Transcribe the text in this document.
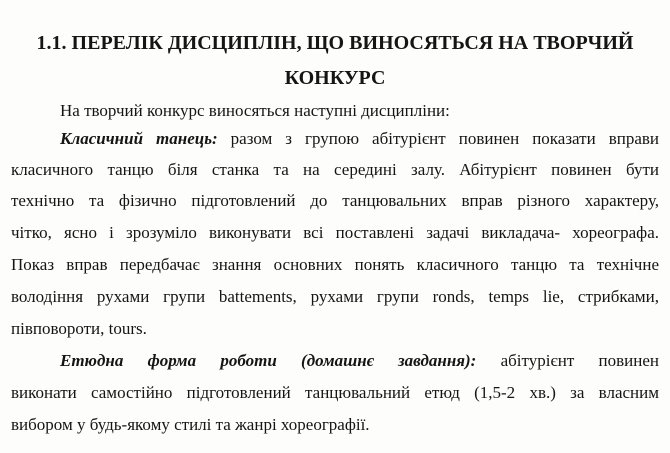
1.1. ПЕРЕЛІК ДИСЦИПЛІН, ЩО ВИНОСЯТЬСЯ НА ТВОРЧИЙ
КОНКУРС

На творчий конкурс виносяться наступні дисципліни:

Класичний танець: разом з групою абітурієнт повинен показати вправи

класичного танцю біля станка та на середині залу. Абітурієнт повинен бути

технічно та фізично підготовлений до танцювальних вправ різного характеру,

чітко, ясно і зрозуміло виконувати всі поставлені задачі викладача- хореографа.

Показ вправ передбачає знання основних понять класичного танцю та технічне

володіння рухами групи battements, рухами групи ronds, temps lie, стрибками,

півповороти, tours.

Етюдна форма роботи (домашнє завдання): абітурієнт повинен

виконати самостійно підготовлений танцювальний етюд (1,5-2 хв.) за власним

вибором у будь-якому стилі та жанрі хореографії.
